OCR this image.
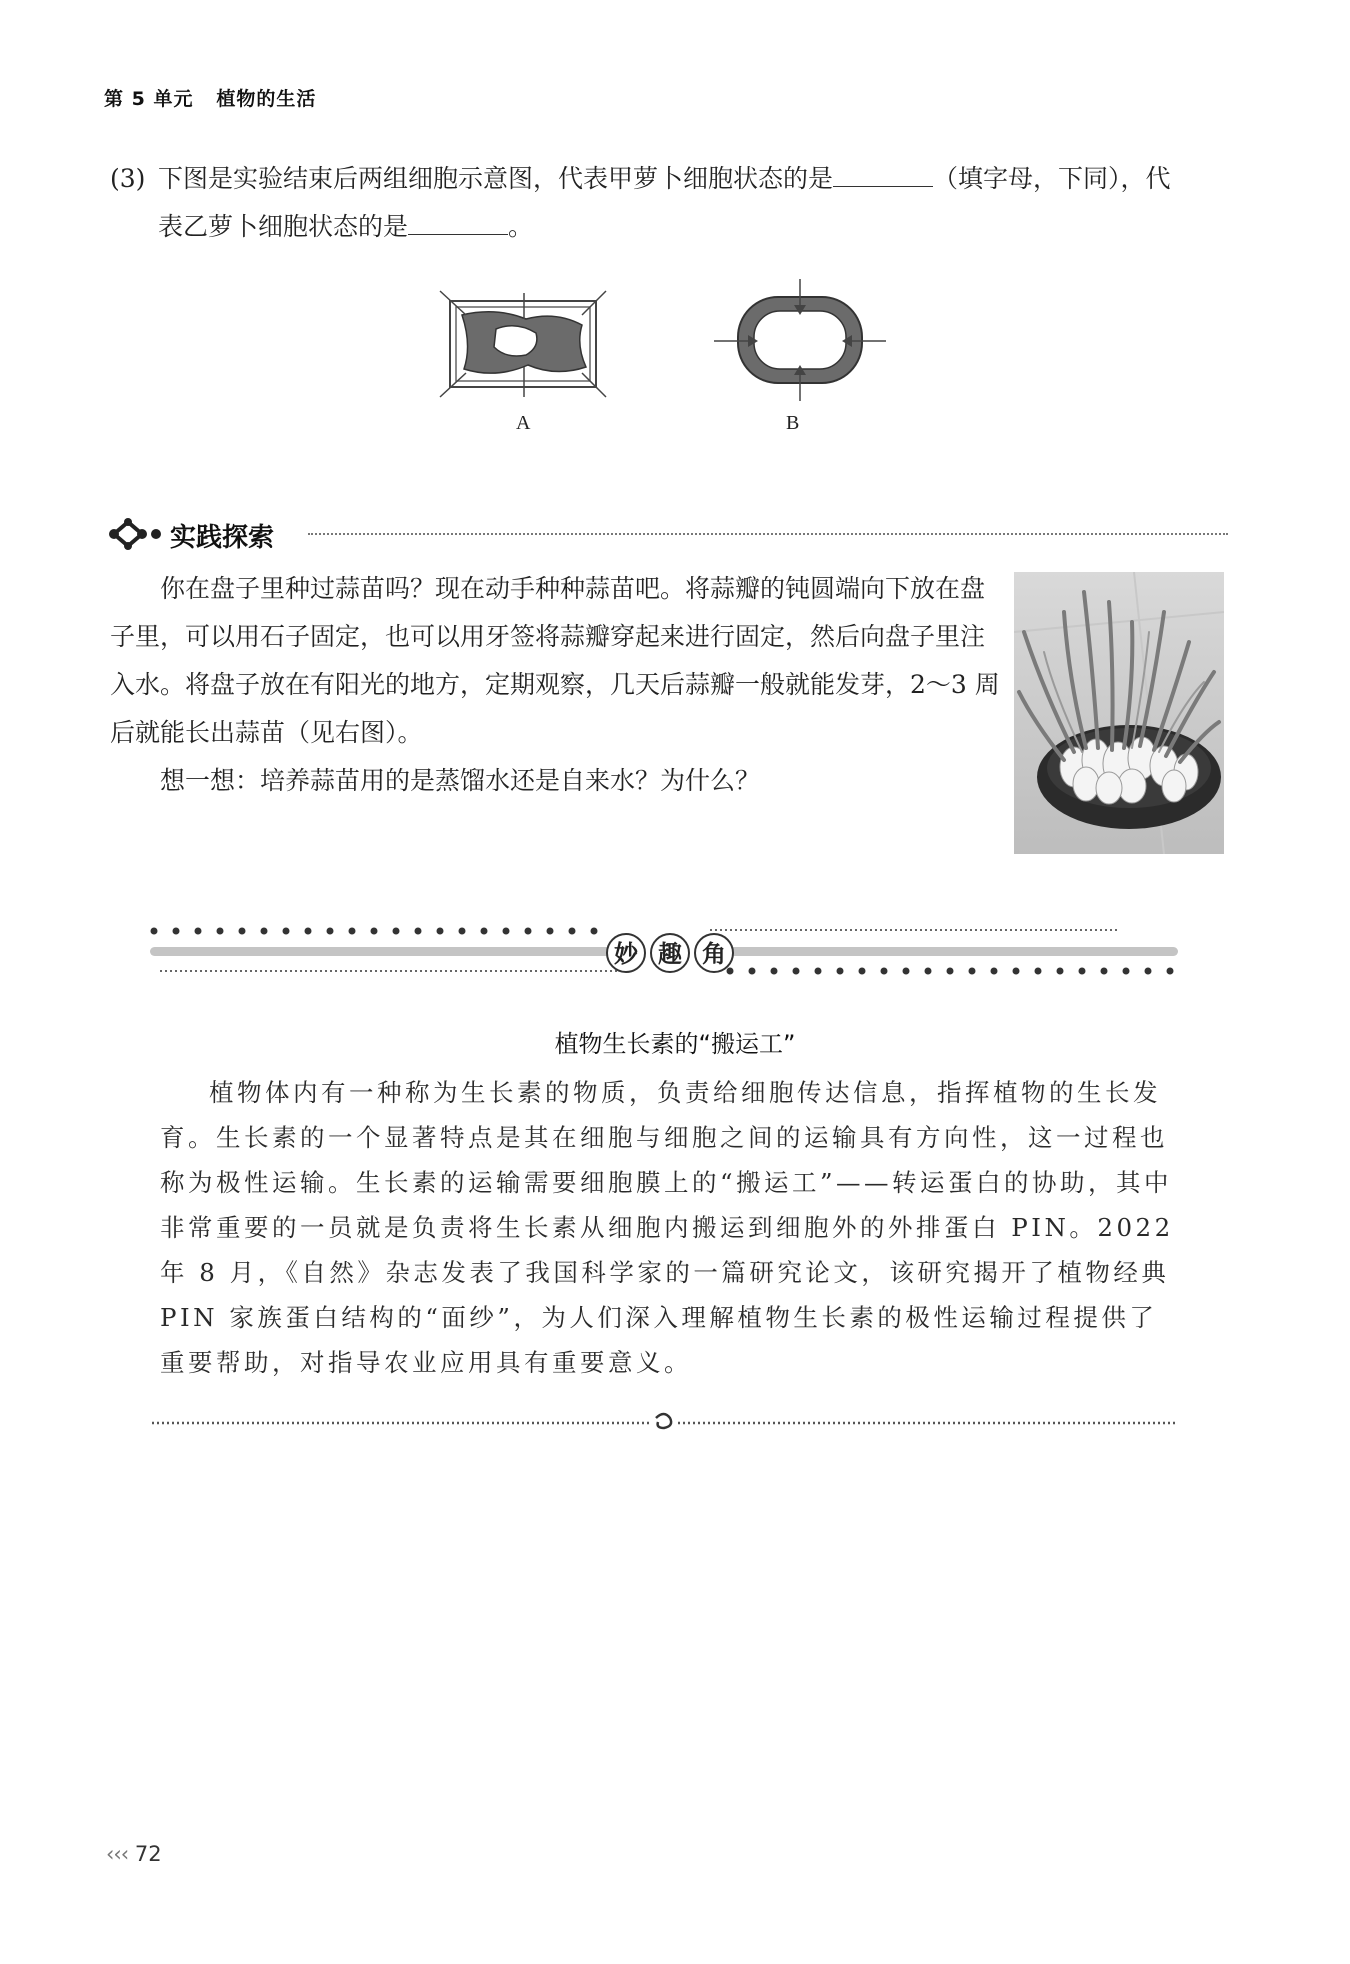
第 5 单元 植物的生活
(3) 下图是实验结束后两组细胞示意图，代表甲萝卜细胞状态的是	（填字母，下同），代
表乙萝卜细胞状态的是	。
A	B
实践探索

你在盘子里种过蒜苗吗？现在动手种种蒜苗吧。将蒜瓣的钝圆端向下放在盘子里，可以用石子固定，也可以用牙签将蒜瓣穿起来进行固定，然后向盘子里注入水。将盘子放在有阳光的地方，定期观察，几天后蒜瓣一般就能发芽，2～3 周后就能长出蒜苗（见右图）。

想一想：培养蒜苗用的是蒸馏水还是自来水？为什么？

妙 趣 角
植物生长素的“搬运工”

植物体内有一种称为生长素的物质，负责给细胞传达信息，指挥植物的生长发育。生长素的一个显著特点是其在细胞与细胞之间的运输具有方向性，这一过程也称为极性运输。生长素的运输需要细胞膜上的“搬运工”——转运蛋白的协助，其中非常重要的一员就是负责将生长素从细胞内搬运到细胞外的外排蛋白 PIN。2022 年 8 月，《自然》杂志发表了我国科学家的一篇研究论文，该研究揭开了植物经典 PIN 家族蛋白结构的“面纱”，为人们深入理解植物生长素的极性运输过程提供了重要帮助，对指导农业应用具有重要意义。

‹‹‹ 72
